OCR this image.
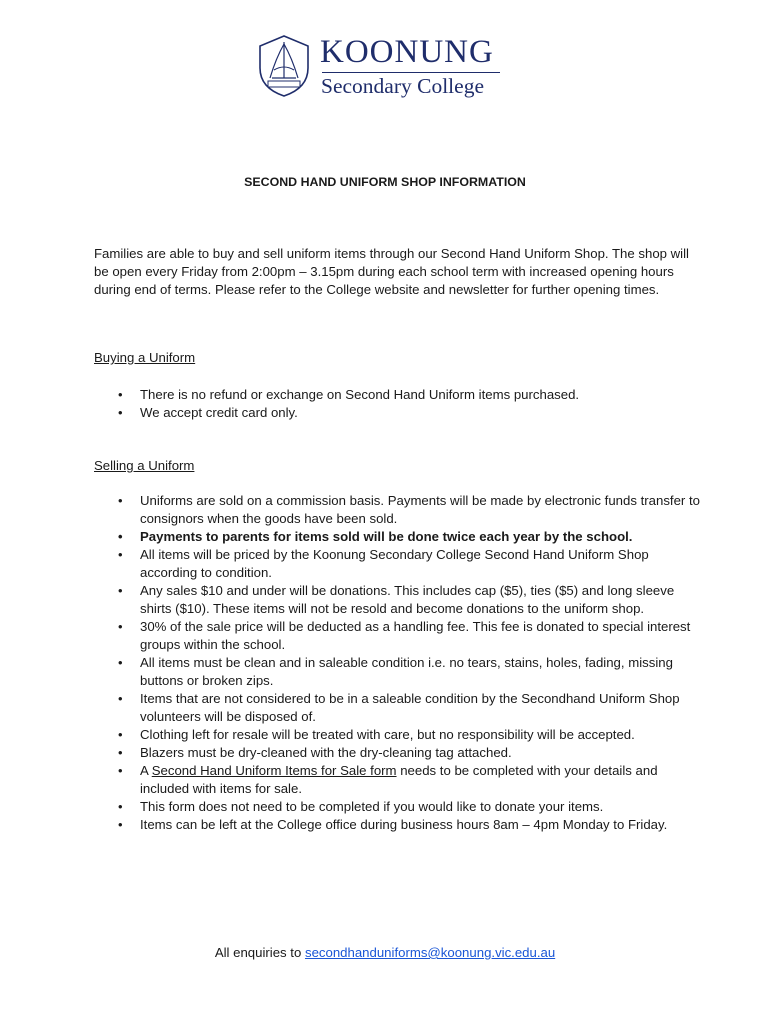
KOONUNG
Secondary College
SECOND HAND UNIFORM SHOP INFORMATION

Families are able to buy and sell uniform items through our Second Hand Uniform Shop. The shop will be open every Friday from 2:00pm – 3.15pm during each school term with increased opening hours during end of terms. Please refer to the College website and newsletter for further opening times.

Buying a Uniform
• There is no refund or exchange on Second Hand Uniform items purchased.
• We accept credit card only.
Selling a Uniform
• Uniforms are sold on a commission basis. Payments will be made by electronic funds transfer to consignors when the goods have been sold.
• Payments to parents for items sold will be done twice each year by the school.
• All items will be priced by the Koonung Secondary College Second Hand Uniform Shop according to condition.
• Any sales $10 and under will be donations. This includes cap ($5), ties ($5) and long sleeve shirts ($10). These items will not be resold and become donations to the uniform shop.
• 30% of the sale price will be deducted as a handling fee. This fee is donated to special interest groups within the school.
• All items must be clean and in saleable condition i.e. no tears, stains, holes, fading, missing buttons or broken zips.
• Items that are not considered to be in a saleable condition by the Secondhand Uniform Shop volunteers will be disposed of.
• Clothing left for resale will be treated with care, but no responsibility will be accepted.
• Blazers must be dry-cleaned with the dry-cleaning tag attached.
• A Second Hand Uniform Items for Sale form needs to be completed with your details and included with items for sale.
• This form does not need to be completed if you would like to donate your items.
• Items can be left at the College office during business hours 8am – 4pm Monday to Friday.
All enquiries to secondhanduniforms@koonung.vic.edu.au
